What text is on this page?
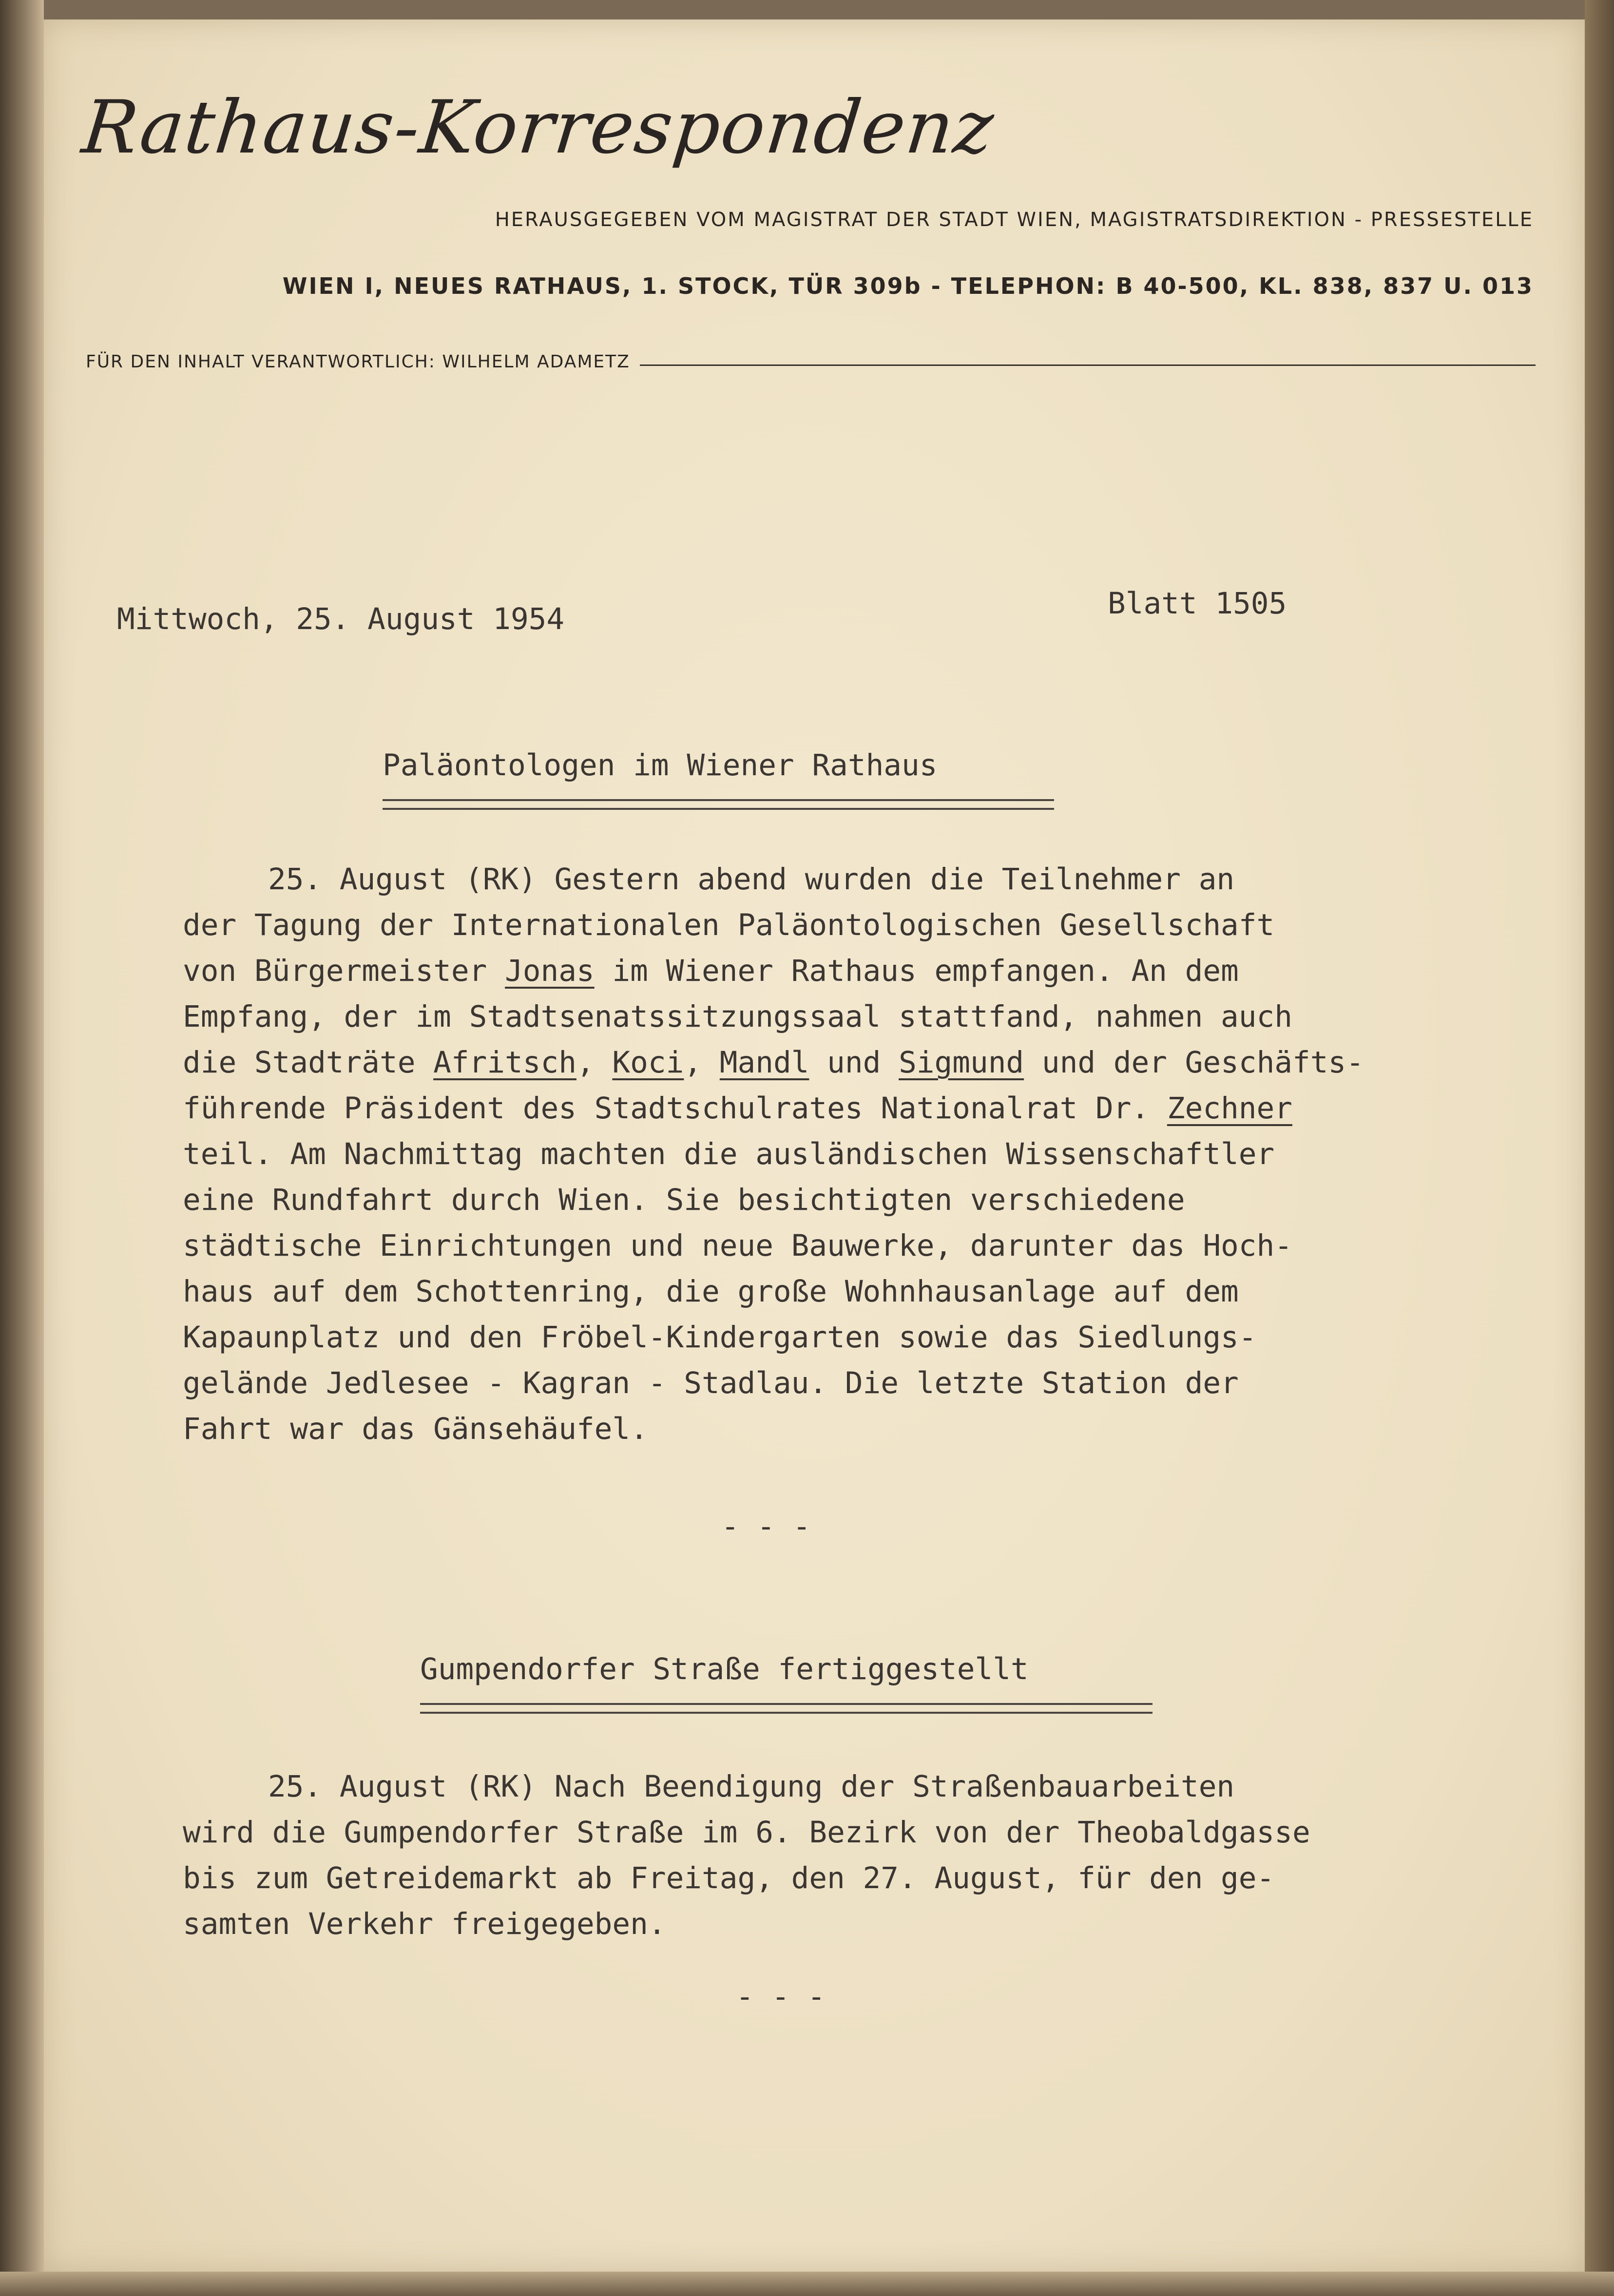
Rathaus-Korrespondenz

HERAUSGEGEBEN VOM MAGISTRAT DER STADT WIEN, MAGISTRATSDIREKTION - PRESSESTELLE

WIEN I, NEUES RATHAUS, 1. STOCK, TÜR 309b - TELEPHON: B 40-500, KL. 838, 837 U. 013

FÜR DEN INHALT VERANTWORTLICH: WILHELM ADAMETZ

Mittwoch, 25. August 1954	Blatt 1505

Paläontologen im Wiener Rathaus
25. August (RK) Gestern abend wurden die Teilnehmer an
der Tagung der Internationalen Paläontologischen Gesellschaft
von Bürgermeister Jonas im Wiener Rathaus empfangen. An dem
Empfang, der im Stadtsenatssitzungssaal stattfand, nahmen auch
die Stadträte Afritsch, Koci, Mandl und Sigmund und der Geschäfts-
führende Präsident des Stadtschulrates Nationalrat Dr. Zechner
teil. Am Nachmittag machten die ausländischen Wissenschaftler
eine Rundfahrt durch Wien. Sie besichtigten verschiedene
städtische Einrichtungen und neue Bauwerke, darunter das Hoch-
haus auf dem Schottenring, die große Wohnhausanlage auf dem
Kapaunplatz und den Fröbel-Kindergarten sowie das Siedlungs-
gelände Jedlesee - Kagran - Stadlau. Die letzte Station der
Fahrt war das Gänsehäufel.

- - -

Gumpendorfer Straße fertiggestellt
25. August (RK) Nach Beendigung der Straßenbauarbeiten
wird die Gumpendorfer Straße im 6. Bezirk von der Theobaldgasse
bis zum Getreidemarkt ab Freitag, den 27. August, für den ge-
samten Verkehr freigegeben.

- - -
